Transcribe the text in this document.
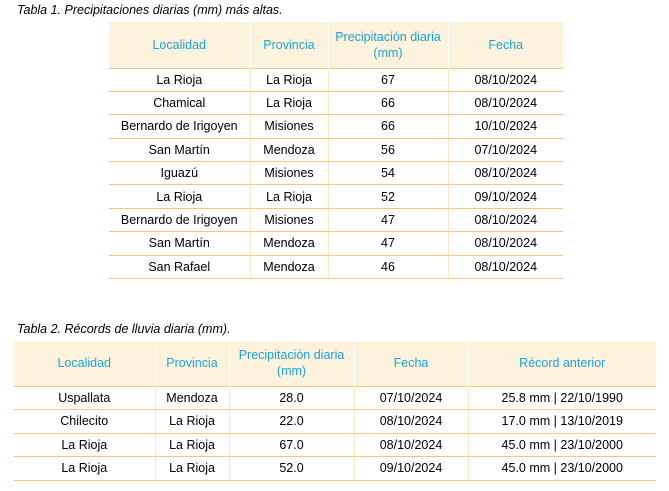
Tabla 1. Precipitaciones diarias (mm) más altas.
Localidad	Provincia	Precipitación diaria (mm)	Fecha
La Rioja	La Rioja	67	08/10/2024
Chamical	La Rioja	66	08/10/2024
Bernardo de Irigoyen	Misiones	66	10/10/2024
San Martín	Mendoza	56	07/10/2024
Iguazú	Misiones	54	08/10/2024
La Rioja	La Rioja	52	09/10/2024
Bernardo de Irigoyen	Misiones	47	08/10/2024
San Martín	Mendoza	47	08/10/2024
San Rafael	Mendoza	46	08/10/2024
Tabla 2. Récords de lluvia diaria (mm).
Localidad	Provincia	Precipitación diaria (mm)	Fecha	Récord anterior
Uspallata	Mendoza	28.0	07/10/2024	25.8 mm | 22/10/1990
Chilecito	La Rioja	22.0	08/10/2024	17.0 mm | 13/10/2019
La Rioja	La Rioja	67.0	08/10/2024	45.0 mm | 23/10/2000
La Rioja	La Rioja	52.0	09/10/2024	45.0 mm | 23/10/2000
